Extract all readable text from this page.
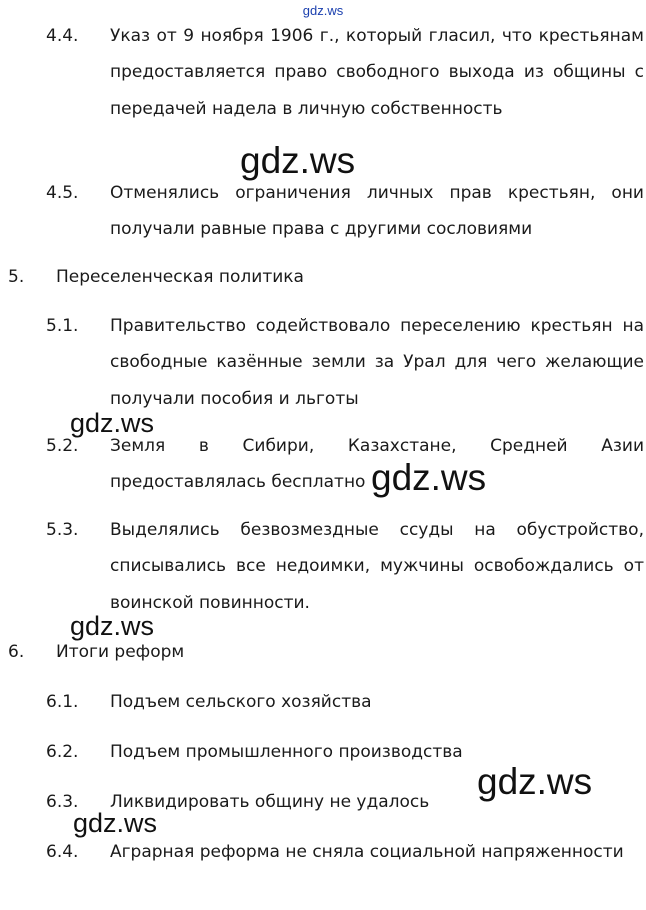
gdz.ws
4.4. Указ от 9 ноября 1906 г., который гласил, что крестьянам предоставляется право свободного выхода из общины с передачей надела в личную собственность
4.5. Отменялись ограничения личных прав крестьян, они получали равные права с другими сословиями
5. Переселенческая политика
5.1. Правительство содействовало переселению крестьян на свободные казённые земли за Урал для чего желающие получали пособия и льготы
5.2. Земля в Сибири, Казахстане, Средней Азии предоставлялась бесплатно
5.3. Выделялись безвозмездные ссуды на обустройство, списывались все недоимки, мужчины освобождались от воинской повинности.
6. Итоги реформ
6.1. Подъем сельского хозяйства
6.2. Подъем промышленного производства
6.3. Ликвидировать общину не удалось
6.4. Аграрная реформа не сняла социальной напряженности
gdz.ws
gdz.ws
gdz.ws
gdz.ws
gdz.ws
gdz.ws
